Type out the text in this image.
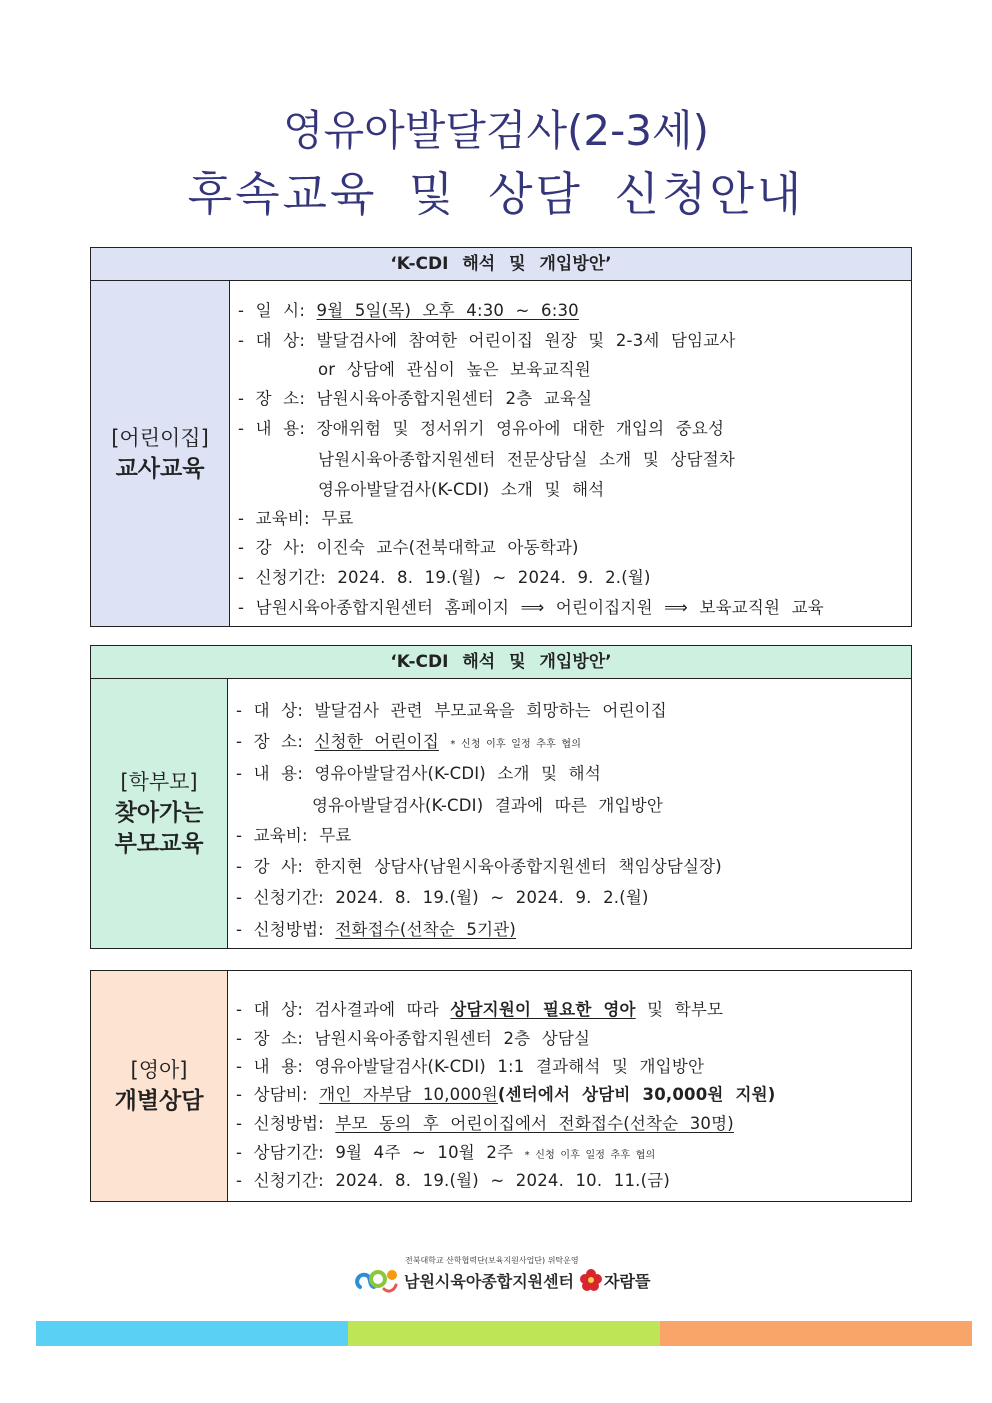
영유아발달검사(2-3세)
후속교육 및 상담 신청안내
‘K-CDI 해석 및 개입방안’
[어린이집]
교사교육
- 일 시: 9월 5일(목) 오후 4:30 ~ 6:30
- 대 상: 발달검사에 참여한 어린이집 원장 및 2-3세 담임교사
or 상담에 관심이 높은 보육교직원
- 장 소: 남원시육아종합지원센터 2층 교육실
- 내 용: 장애위험 및 정서위기 영유아에 대한 개입의 중요성
남원시육아종합지원센터 전문상담실 소개 및 상담절차
영유아발달검사(K-CDI) 소개 및 해석
- 교육비: 무료
- 강 사: 이진숙 교수(전북대학교 아동학과)
- 신청기간: 2024. 8. 19.(월) ~ 2024. 9. 2.(월)
- 남원시육아종합지원센터 홈페이지 ⟹ 어린이집지원 ⟹ 보육교직원 교육
‘K-CDI 해석 및 개입방안’
[학부모]
찾아가는
부모교육
- 대 상: 발달검사 관련 부모교육을 희망하는 어린이집
- 장 소: 신청한 어린이집 * 신청 이후 일정 추후 협의
- 내 용: 영유아발달검사(K-CDI) 소개 및 해석
영유아발달검사(K-CDI) 결과에 따른 개입방안
- 교육비: 무료
- 강 사: 한지현 상담사(남원시육아종합지원센터 책임상담실장)
- 신청기간: 2024. 8. 19.(월) ~ 2024. 9. 2.(월)
- 신청방법: 전화접수(선착순 5기관)
[영아]
개별상담
- 대 상: 검사결과에 따라 상담지원이 필요한 영아 및 학부모
- 장 소: 남원시육아종합지원센터 2층 상담실
- 내 용: 영유아발달검사(K-CDI) 1:1 결과해석 및 개입방안
- 상담비: 개인 자부담 10,000원(센터에서 상담비 30,000원 지원)
- 신청방법: 부모 동의 후 어린이집에서 전화접수(선착순 30명)
- 상담기간: 9월 4주 ~ 10월 2주 * 신청 이후 일정 추후 협의
- 신청기간: 2024. 8. 19.(월) ~ 2024. 10. 11.(금)
전북대학교 산학협력단(보육지원사업단) 위탁운영
남원시육아종합지원센터 자람뜰
